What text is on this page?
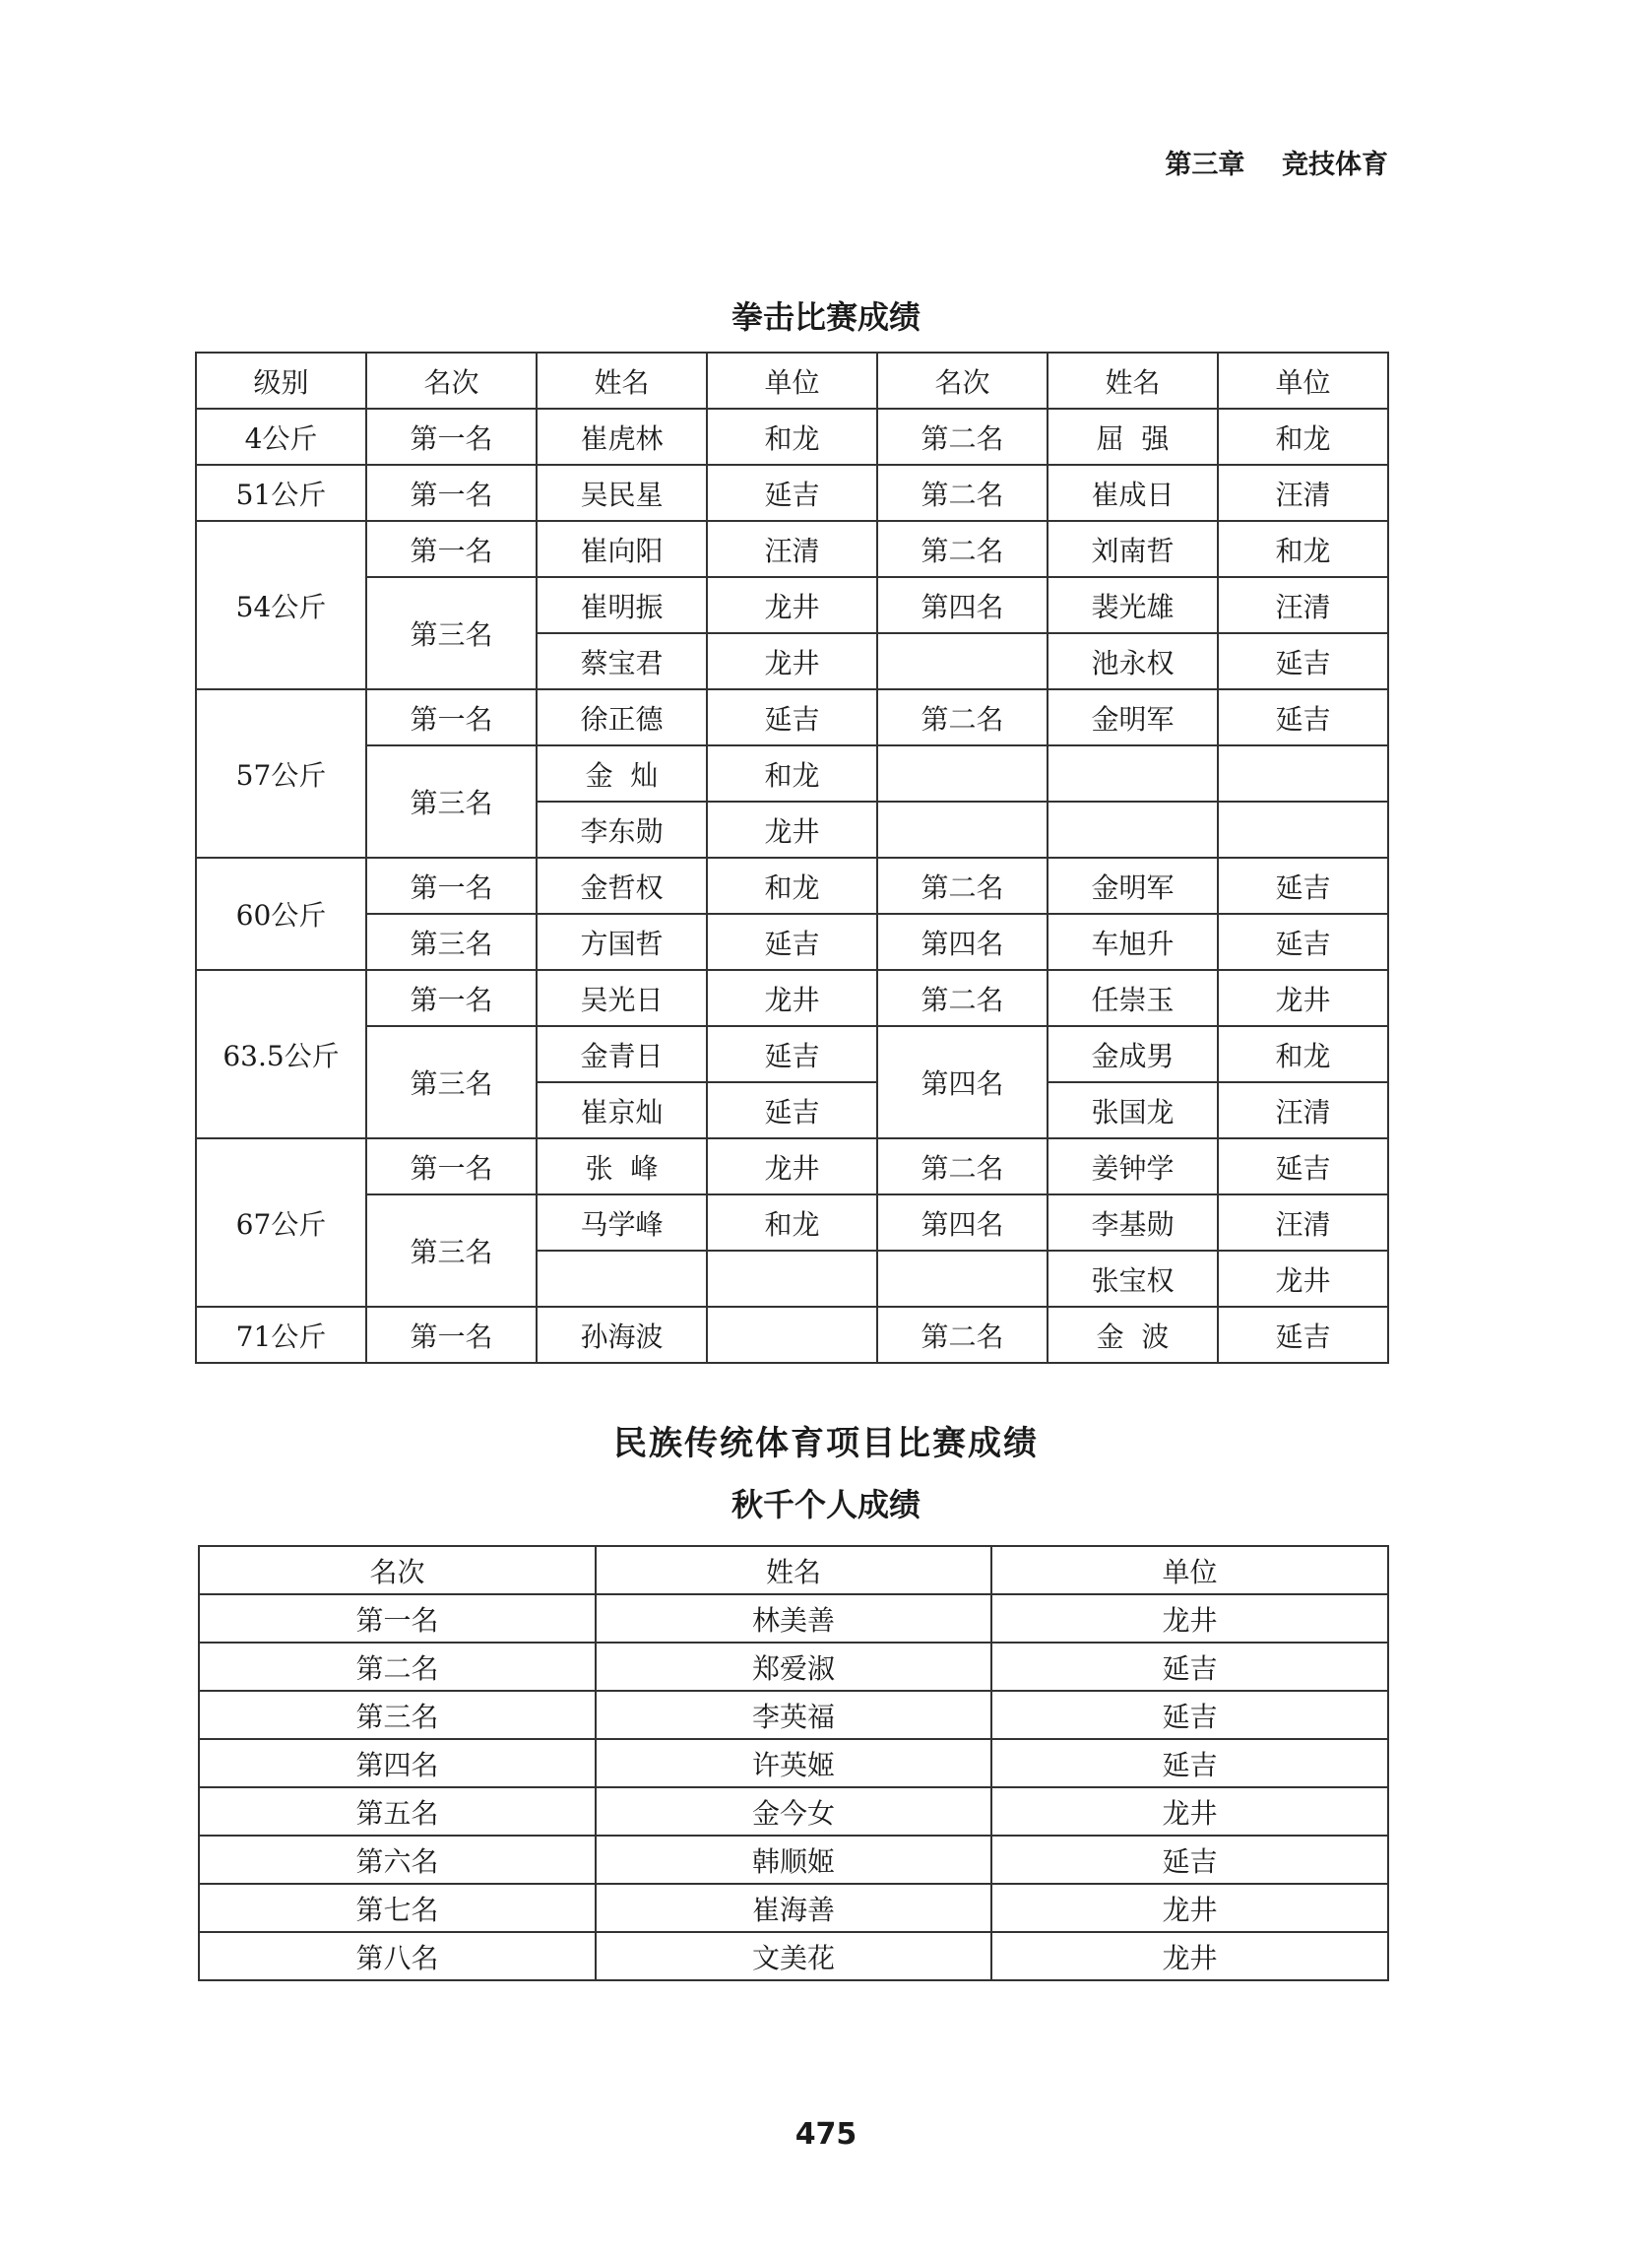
第三章    竞技体育
拳击比赛成绩
级别	名次	姓名	单位	名次	姓名	单位
4公斤	第一名	崔虎林	和龙	第二名	屈  强	和龙
51公斤	第一名	吴民星	延吉	第二名	崔成日	汪清
54公斤	第一名	崔向阳	汪清	第二名	刘南哲	和龙
	第三名	崔明振	龙井	第四名	裴光雄	汪清
		蔡宝君	龙井		池永权	延吉
57公斤	第一名	徐正德	延吉	第二名	金明军	延吉
	第三名	金  灿	和龙			
		李东勋	龙井			
60公斤	第一名	金哲权	和龙	第二名	金明军	延吉
	第三名	方国哲	延吉	第四名	车旭升	延吉
63.5公斤	第一名	吴光日	龙井	第二名	任崇玉	龙井
	第三名	金青日	延吉	第四名	金成男	和龙
		崔京灿	延吉		张国龙	汪清
67公斤	第一名	张  峰	龙井	第二名	姜钟学	延吉
	第三名	马学峰	和龙	第四名	李基勋	汪清
					张宝权	龙井
71公斤	第一名	孙海波		第二名	金  波	延吉
民族传统体育项目比赛成绩
秋千个人成绩
名次	姓名	单位
第一名	林美善	龙井
第二名	郑爱淑	延吉
第三名	李英福	延吉
第四名	许英姬	延吉
第五名	金今女	龙井
第六名	韩顺姬	延吉
第七名	崔海善	龙井
第八名	文美花	龙井
475
